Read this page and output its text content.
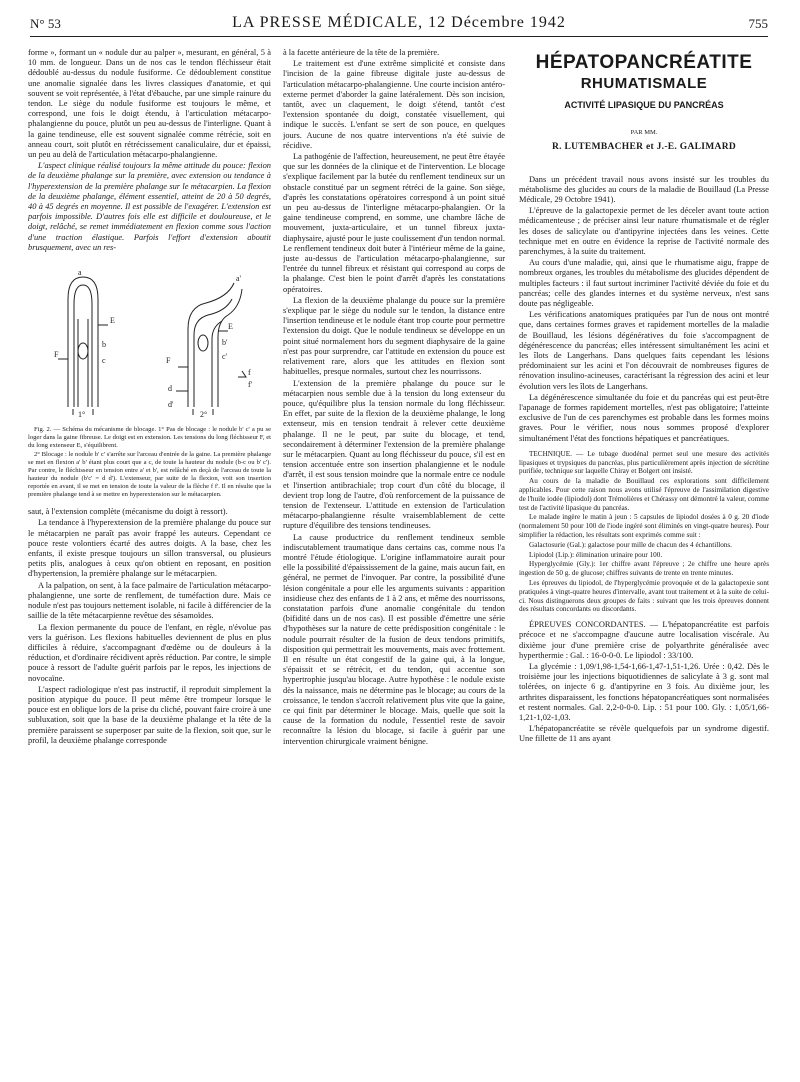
N° 53	LA PRESSE MÉDICALE, 12 Décembre 1942	755

forme », formant un « nodule dur au palper », mesurant, en général, 5 à 10 mm. de longueur. Dans un de nos cas le tendon fléchisseur était dédoublé au-dessus du nodule fusiforme. Ce dédoublement constitue une anomalie signalée dans les livres classiques d'anatomie, et qui souvent se voit représentée, à l'état d'ébauche, par une simple rainure du tendon. Le siège du nodule fusiforme est toujours le même, et correspond, une fois le doigt étendu, à l'articulation métacarpo-phalangienne du pouce, plutôt un peu au-dessus de l'interligne. Quant à la gaine tendineuse, elle est souvent signalée comme rétrécie, soit en anneau court, soit plutôt en rétrécissement canaliculaire, dur et épaissi, un peu au delà de l'articulation métacarpo-phalangienne.

L'aspect clinique réalisé toujours la même attitude du pouce: flexion de la deuxième phalange sur la première, avec extension ou tendance à l'hyperextension de la première phalange sur le métacarpien. La flexion de la deuxième phalange, élément essentiel, atteint de 20 à 50 degrés, 40 à 45 degrés en moyenne. Il est possible de l'exagérer. L'extension est parfois impossible. D'autres fois elle est difficile et douloureuse, et le doigt, relâché, se remet immédiatement en flexion comme sous l'action d'une traction élastique. Parfois l'effort d'extension aboutit brusquement, avec un res-

F
E
a
b
c	F
E
a'
b'
c'
d
d'
f
f'
1°	2°

Fig. 2. — Schéma du mécanisme de blocage. 1° Pas de blocage : le nodule b' c' a pu se loger dans la gaine fibreuse. Le doigt est en extension. Les tensions du long fléchisseur F, et du long extenseur E, s'équilibrent.

2° Blocage : le nodule b' c' s'arrête sur l'arceau d'entrée de la gaine. La première phalange se met en flexion a' b' étant plus court que a c, de toute la hauteur du nodule (b-c ou b' c'). Par contre, le fléchisseur en tension entre a' et b', est relâché en deçà de l'arceau de toute la hauteur du nodule (b'c' = d d'). L'extenseur, par suite de la flexion, voit son insertion reportée en avant, il se met en tension de toute la valeur de la flèche f f'. Il en résulte que la première phalange tend à se mettre en hyperextension sur le métacarpien.

saut, à l'extension complète (mécanisme du doigt à ressort).

La tendance à l'hyperextension de la première phalange du pouce sur le métacarpien ne paraît pas avoir frappé les auteurs. Cependant ce pouce reste volontiers écarté des autres doigts. A la base, chez les enfants, il existe presque toujours un sillon transversal, ou plusieurs petits plis, analogues à ceux qu'on obtient en reposant, en position d'hypertension, la première phalange sur le métacarpien.

A la palpation, on sent, à la face palmaire de l'articulation métacarpo-phalangienne, une sorte de renflement, de tuméfaction dure. Mais ce nodule n'est pas toujours nettement isolable, ni facile à différencier de la saillie de la tête métacarpienne revêtue des sésamoïdes.

La flexion permanente du pouce de l'enfant, en règle, n'évolue pas vers la guérison. Les flexions habituelles deviennent de plus en plus difficiles à réduire, s'accompagnant d'œdème ou de douleurs à la réduction, et d'ordinaire récidivent après réduction. Par contre, le simple pouce à ressort de l'adulte guérit parfois par le repos, les injections de novocaïne.

L'aspect radiologique n'est pas instructif, il reproduit simplement la position atypique du pouce. Il peut même être trompeur lorsque le pouce est en oblique lors de la prise du cliché, pouvant faire croire à une subluxation, soit que la base de la deuxième phalange et la tête de la première paraissent se superposer par suite de la flexion, soit que, sur le profil, la deuxième phalange corresponde

à la facette antérieure de la tête de la première.

Le traitement est d'une extrême simplicité et consiste dans l'incision de la gaine fibreuse digitale juste au-dessus de l'articulation métacarpo-phalangienne. Une courte incision antéro-externe permet d'aborder la gaine latéralement. Dès son incision, tantôt, avec un claquement, le doigt s'étend, tantôt c'est l'extension spontanée du doigt, constatée visuellement, qui indique le succès. L'enfant se sert de son pouce, en quelques jours. Aucune de nos quatre interventions n'a été suivie de récidive.

La pathogénie de l'affection, heureusement, ne peut être étayée que sur les données de la clinique et de l'intervention. Le blocage s'explique facilement par la butée du renflement tendineux sur un obstacle constitué par un segment rétréci de la gaine. Son siège, d'après les constatations opératoires correspond à un point situé un peu au-dessus de l'interligne métacarpo-phalangien. Or la gaine tendineuse comprend, en somme, une chambre lâche de mouvement, juxta-articulaire, et un tunnel fibreux juxta-diaphysaire, ajusté pour le juste coulissement d'un tendon normal. Le renflement tendineux doit buter à l'intérieur même de la gaine, juste au-dessus de l'articulation métacarpo-phalangienne, sur l'entrée du tunnel fibreux et résistant qui correspond au corps de la phalange. C'est bien le point d'arrêt d'après les constatations opératoires.

La flexion de la deuxième phalange du pouce sur la première s'explique par le siège du nodule sur le tendon, la distance entre l'insertion tendineuse et le nodule étant trop courte pour permettre l'extension du doigt. Que le nodule tendineux se développe en un point situé normalement hors du segment diaphysaire de la gaine n'est pas pour surprendre, car l'attitude en extension du pouce est relativement rare, alors que les attitudes en flexion sont habituelles, presque normales, surtout chez les nourrissons.

L'extension de la première phalange du pouce sur le métacarpien nous semble due à la tension du long extenseur du pouce, qu'équilibre plus la tension normale du long fléchisseur. En effet, par suite de la flexion de la deuxième phalange, le long extenseur, mis en tension tendrait à relever cette deuxième phalange. Il ne le peut, par suite du blocage, et tend, secondairement à déterminer l'extension de la première phalange sur le métacarpien. Quant au long fléchisseur du pouce, s'il est en tension accentuée entre son insertion phalangienne et le nodule d'arrêt, il est sous tension moindre que la normale entre ce nodule et l'insertion antibrachiale; trop court d'un côté du blocage, il devient trop long de l'autre, d'où renforcement de la puissance de tension de l'extenseur. L'attitude en extension de l'articulation métacarpo-phalangienne résulte vraisemblablement de cette rupture d'équilibre des tensions tendineuses.

La cause productrice du renflement tendineux semble indiscutablement traumatique dans certains cas, comme nous l'a montré l'étude étiologique. L'origine inflammatoire aurait pour elle la possibilité d'épaississement de la gaine, mais aucun fait, en général, ne permet de l'invoquer. Par contre, la possibilité d'une lésion congénitale a pour elle les arguments suivants : apparition insidieuse chez des enfants de 1 à 2 ans, et même des nourrissons, constatation parfois d'une anomalie congénitale du tendon (bifidité dans un de nos cas). Il est possible d'émettre une série d'hypothèses sur la nature de cette prédisposition congénitale : le nodule pourrait résulter de la fusion de deux tendons primitifs, disposition qui permettrait les mouvements, mais avec frottement. Il en résulte un état congestif de la gaine qui, à la longue, s'épaissit et se rétrécit, et du tendon, qui accentue son hypertrophie jusqu'au blocage. Autre hypothèse : le nodule existe dès la naissance, mais ne détermine pas le blocage; au cours de la croissance, le tendon s'accroît relativement plus vite que la gaine, ce qui finit par déterminer le blocage. Mais, quelle que soit la cause de la formation du nodule, l'essentiel reste de savoir reconnaître la lésion du blocage, si facile à guérir par une intervention chirurgicale vraiment bénigne.

HÉPATOPANCRÉATITE
RHUMATISMALE
ACTIVITÉ LIPASIQUE DU PANCRÉAS
PAR MM.
R. LUTEMBACHER et J.-E. GALIMARD

Dans un précédent travail nous avons insisté sur les troubles du métabolisme des glucides au cours de la maladie de Bouillaud (La Presse Médicale, 29 Octobre 1941).

L'épreuve de la galactopexie permet de les déceler avant toute action médicamenteuse ; de préciser ainsi leur nature rhumatismale et de régler les doses de salicylate ou d'antipyrine injectées dans les veines. Cette technique met en outre en évidence la reprise de l'activité normale des parenchymes, à la suite du traitement.

Au cours d'une maladie, qui, ainsi que le rhumatisme aigu, frappe de nombreux organes, les troubles du métabolisme des glucides dépendent de multiples facteurs : il faut surtout incriminer l'activité déviée du foie et du pancréas; celle des glandes internes et du système nerveux, n'est sans doute pas négligeable.

Les vérifications anatomiques pratiquées par l'un de nous ont montré que, dans certaines formes graves et rapidement mortelles de la maladie de Bouillaud, les lésions dégénératives du foie s'accompagnent de dégénérescence du pancréas; elles intéressent simultanément les acini et les îlots de Langerhans. Dans quelques faits cependant les lésions prédominaient sur les acini et l'on découvrait de nombreuses figures de rénovation insulino-acineuses, caractérisant la régression des acini et leur évolution vers les îlots de Langerhans.

La dégénérescence simultanée du foie et du pancréas qui est peut-être l'apanage de formes rapidement mortelles, n'est pas obligatoire; l'atteinte exclusive de l'un de ces parenchymes est probable dans les formes moins graves. Pour le vérifier, nous nous sommes proposé d'explorer simultanément l'état des fonctions hépatiques et pancréatiques.

TECHNIQUE. — Le tubage duodénal permet seul une mesure des activités lipasiques et trypsiques du pancréas, plus particulièrement après injection de sécrétine purifiée, technique sur laquelle Chiray et Bolgert ont insisté.

Au cours de la maladie de Bouillaud ces explorations sont difficilement applicables. Pour cette raison nous avons utilisé l'épreuve de l'assimilation digestive de l'huile iodée (lipiodol) dont Trémolières et Chérassy ont démontré la valeur, comme test de l'activité lipasique du pancréas.

Le malade ingère le matin à jeun : 5 capsules de lipiodol dosées à 0 g. 20 d'iode (normalement 50 pour 100 de l'iode ingéré sont éliminés en vingt-quatre heures). Pour simplifier la rédaction, les résultats sont exprimés comme suit :

Galactosurie (Gal.): galactose pour mille de chacun des 4 échantillons.

Lipiodol (Lip.): élimination urinaire pour 100.

Hyperglycémie (Gly.): 1er chiffre avant l'épreuve ; 2e chiffre une heure après ingestion de 50 g. de glucose; chiffres suivants de trente en trente minutes.

Les épreuves du lipiodol, de l'hyperglycémie provoquée et de la galactopexie sont pratiquées à vingt-quatre heures d'intervalle, avant tout traitement et à la suite de celui-ci. Nous distinguerons deux groupes de faits : suivant que les trois épreuves donnent des résultats concordants ou discordants.

ÉPREUVES CONCORDANTES. — L'hépatopancréatite est parfois précoce et ne s'accompagne d'aucune autre localisation viscérale. Au dixième jour d'une première crise de polyarthrite généralisée avec hyperthermie : Gal. : 16-0-0-0. Le lipiodol : 33/100.

La glycémie : 1,09/1,98-1,54-1,66-1,47-1,51-1,26. Urée : 0,42. Dès le troisième jour les injections biquotidiennes de salicylate à 3 g. sont mal tolérées, on injecte 6 g. d'antipyrine en 3 fois. Au dixième jour, les arthrites disparaissent, les fonctions hépatopancréatiques sont normalisées et restent normales. Gal. 2,2-0-0-0. Lip. : 51 pour 100. Gly. : 1,05/1,66-1,21-1,02-1,03.

L'hépatopancréatite se révèle quelquefois par un syndrome digestif. Une fillette de 11 ans ayant
